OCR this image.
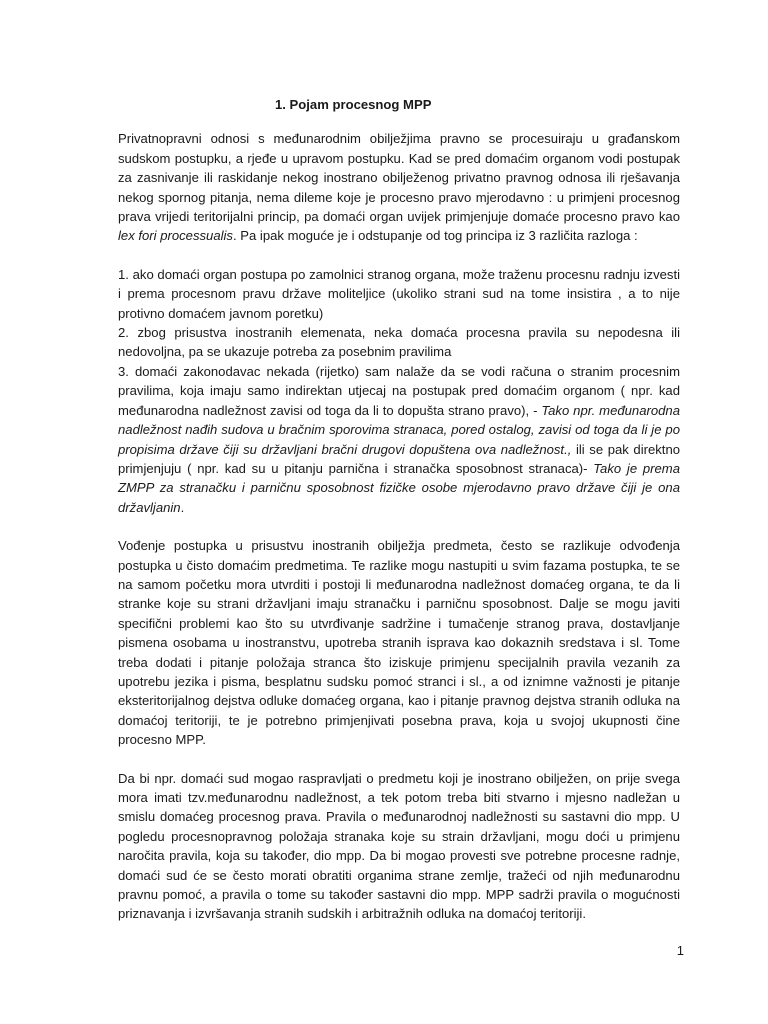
1. Pojam procesnog MPP

Privatnopravni odnosi s međunarodnim obilježjima pravno se procesuiraju u građanskom sudskom postupku, a rjeđe u upravom postupku. Kad se pred domaćim organom vodi postupak za zasnivanje ili raskidanje nekog inostrano obilježenog privatno pravnog odnosa ili rješavanja nekog spornog pitanja, nema dileme koje je procesno pravo mjerodavno : u primjeni procesnog prava vrijedi teritorijalni princip, pa domaći organ uvijek primjenjuje domaće procesno pravo kao lex fori processualis. Pa ipak moguće je i odstupanje od tog principa iz 3 različita razloga :

1. ako domaći organ postupa po zamolnici stranog organa, može traženu procesnu radnju izvesti i prema procesnom pravu države moliteljice (ukoliko strani sud na tome insistira , a to nije protivno domaćem javnom poretku)

2. zbog prisustva inostranih elemenata, neka domaća procesna pravila su nepodesna ili nedovoljna, pa se ukazuje potreba za posebnim pravilima

3. domaći zakonodavac nekada (rijetko) sam nalaže da se vodi računa o stranim procesnim pravilima, koja imaju samo indirektan utjecaj na postupak pred domaćim organom ( npr. kad međunarodna nadležnost zavisi od toga da li to dopušta strano pravo), - Tako npr. međunarodna nadležnost nađih sudova u bračnim sporovima stranaca, pored ostalog, zavisi od toga da li je po propisima države čiji su državljani bračni drugovi dopuštena ova nadležnost., ili se pak direktno primjenjuju ( npr. kad su u pitanju parnična i stranačka sposobnost stranaca)- Tako je prema ZMPP za stranačku i parničnu sposobnost fizičke osobe mjerodavno pravo države čiji je ona državljanin.

Vođenje postupka u prisustvu inostranih obilježja predmeta, često se razlikuje odvođenja postupka u čisto domaćim predmetima. Te razlike mogu nastupiti u svim fazama postupka, te se na samom početku mora utvrditi i postoji li međunarodna nadležnost domaćeg organa, te da li stranke koje su strani državljani imaju stranačku i parničnu sposobnost. Dalje se mogu javiti specifični problemi kao što su utvrđivanje sadržine i tumačenje stranog prava, dostavljanje pismena osobama u inostranstvu, upotreba stranih isprava kao dokaznih sredstava i sl. Tome treba dodati i pitanje položaja stranca što iziskuje primjenu specijalnih pravila vezanih za upotrebu jezika i pisma, besplatnu sudsku pomoć stranci i sl., a od iznimne važnosti je pitanje eksteritorijalnog dejstva odluke domaćeg organa, kao i pitanje pravnog dejstva stranih odluka na domaćoj teritoriji, te je potrebno primjenjivati posebna prava, koja u svojoj ukupnosti čine procesno MPP.

Da bi npr. domaći sud mogao raspravljati o predmetu koji je inostrano obilježen, on prije svega mora imati tzv.međunarodnu nadležnost, a tek potom treba biti stvarno i mjesno nadležan u smislu domaćeg procesnog prava. Pravila o međunarodnoj nadležnosti su sastavni dio mpp. U pogledu procesnopravnog položaja stranaka koje su strain državljani, mogu doći u primjenu naročita pravila, koja su također, dio mpp. Da bi mogao provesti sve potrebne procesne radnje, domaći sud će se često morati obratiti organima strane zemlje, tražeći od njih međunarodnu pravnu pomoć, a pravila o tome su također sastavni dio mpp. MPP sadrži pravila o mogućnosti priznavanja i izvršavanja stranih sudskih i arbitražnih odluka na domaćoj teritoriji.

1
